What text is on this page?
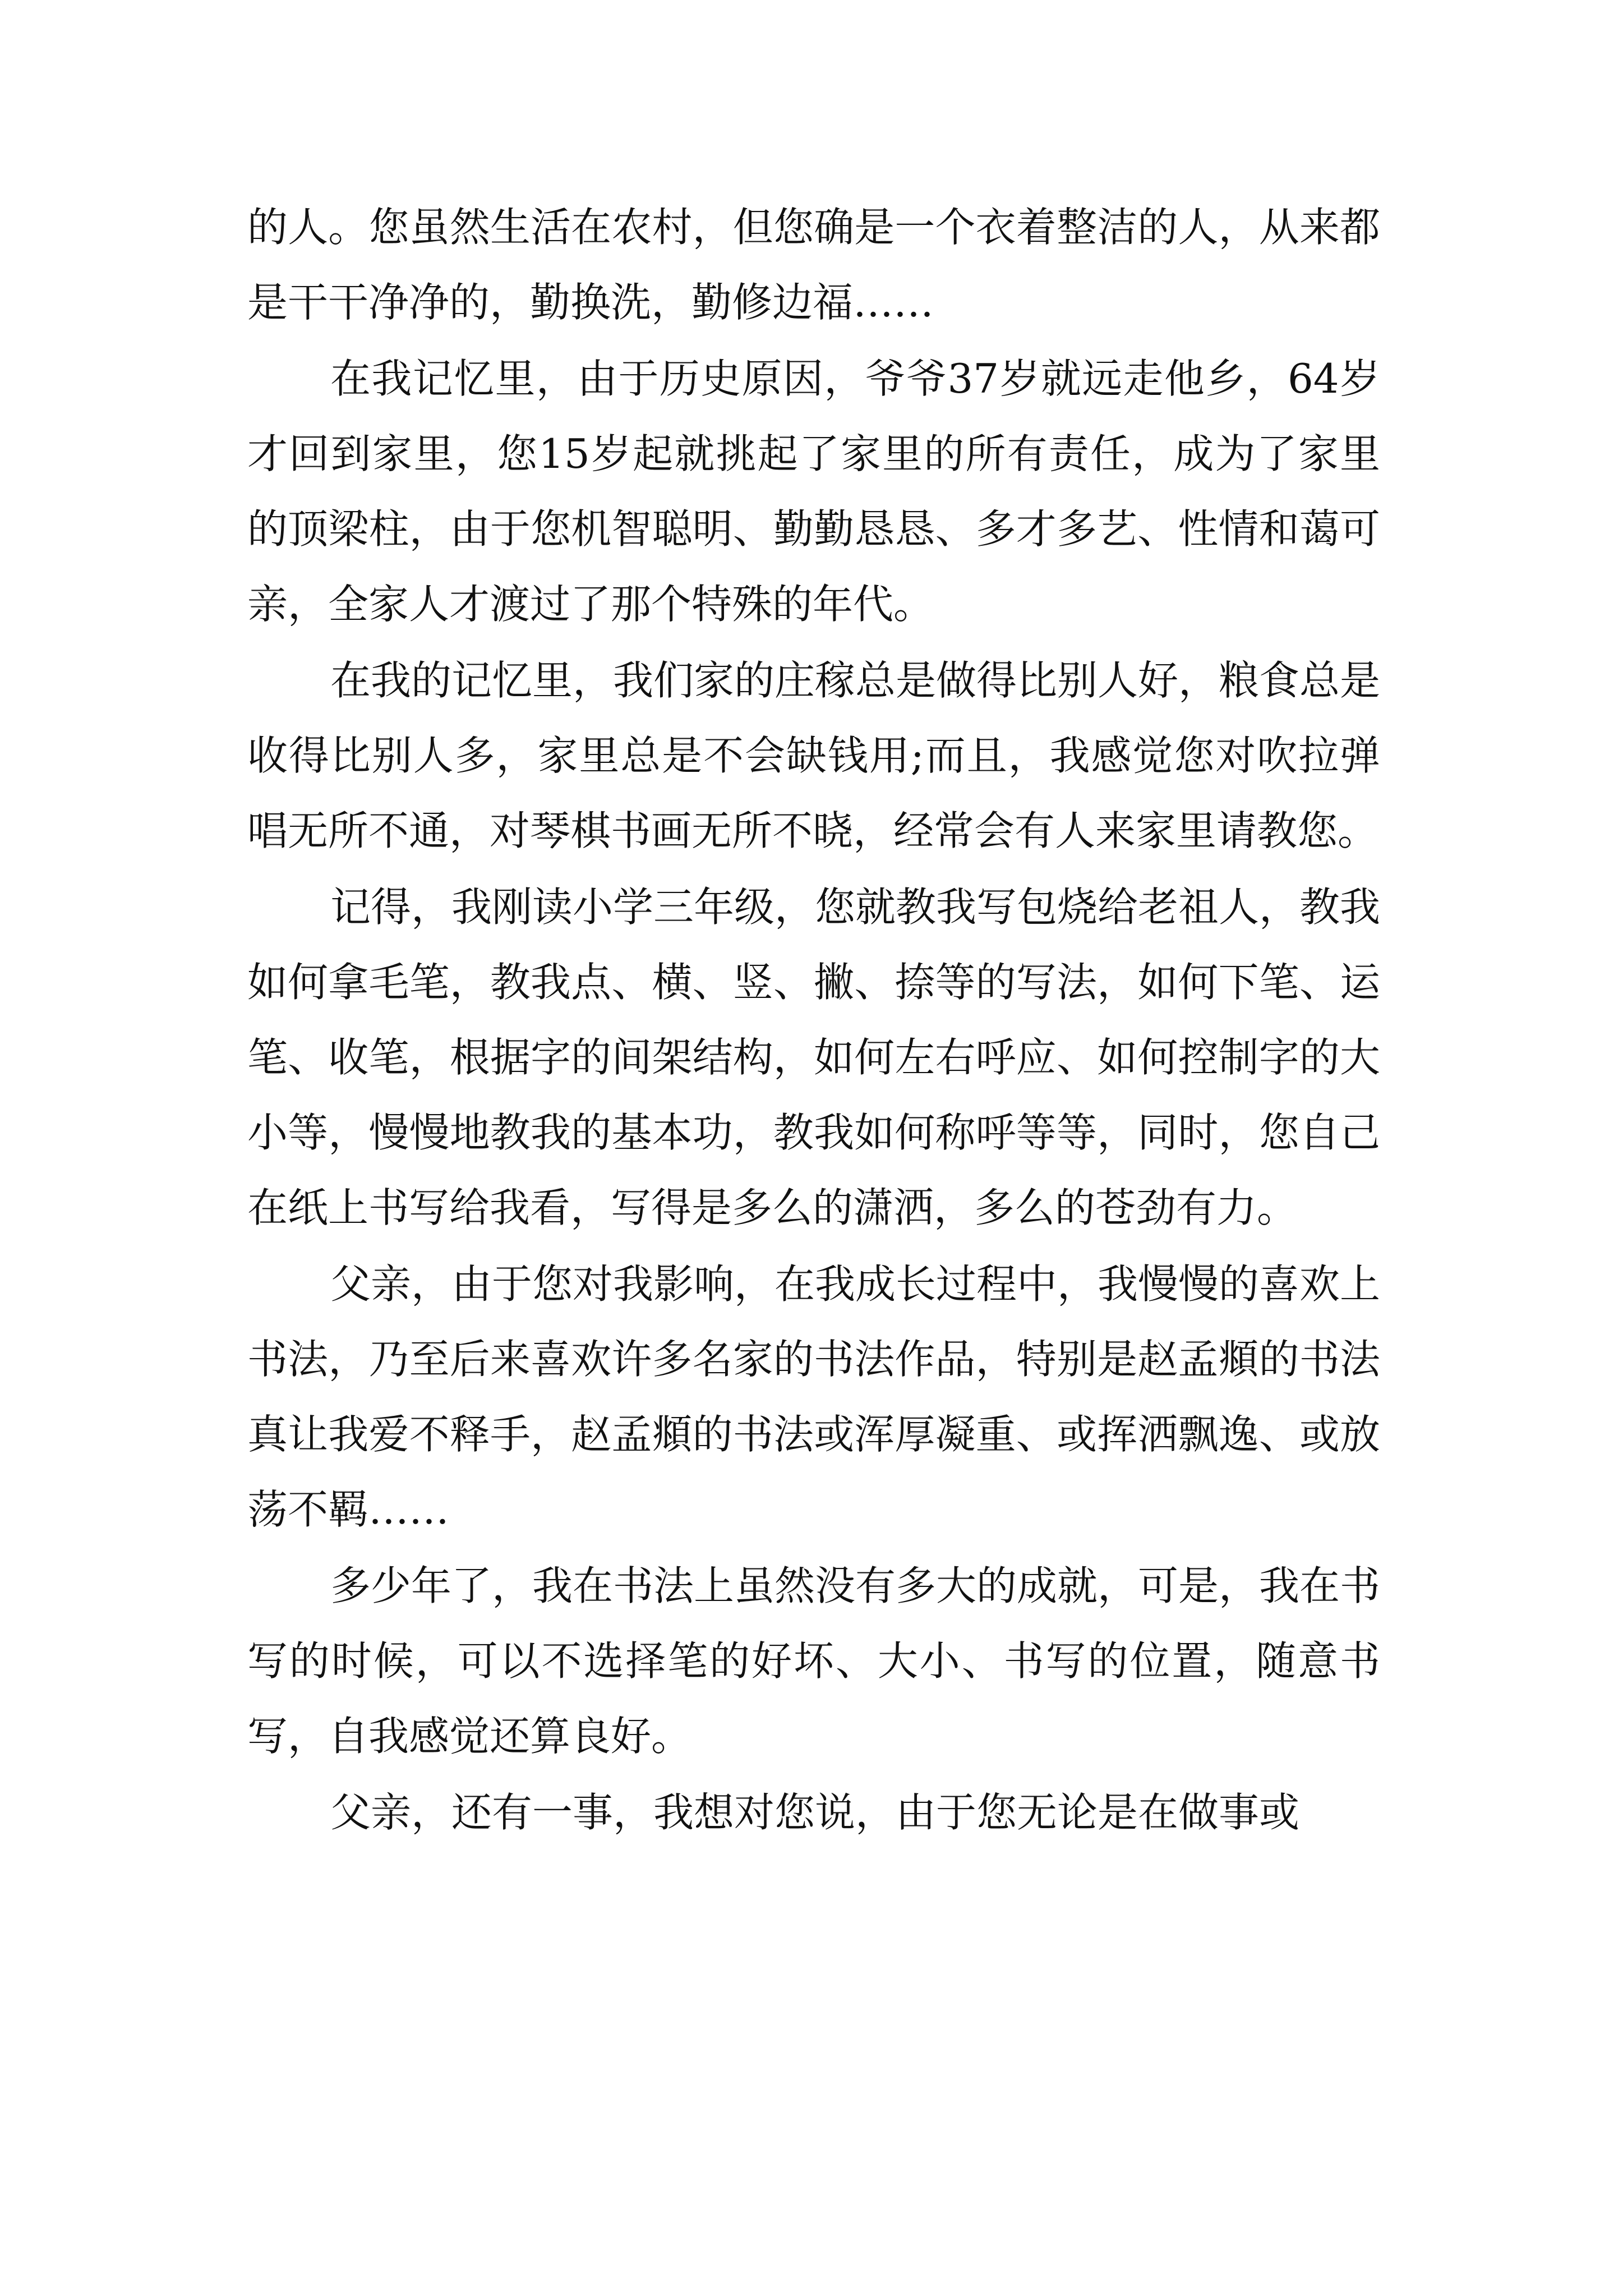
的人。您虽然生活在农村，但您确是一个衣着整洁的人，从来都是干干净净的，勤换洗，勤修边福……

在我记忆里，由于历史原因，爷爷37岁就远走他乡，64岁才回到家里，您15岁起就挑起了家里的所有责任，成为了家里的顶梁柱，由于您机智聪明、勤勤恳恳、多才多艺、性情和蔼可亲，全家人才渡过了那个特殊的年代。

在我的记忆里，我们家的庄稼总是做得比别人好，粮食总是收得比别人多，家里总是不会缺钱用;而且，我感觉您对吹拉弹唱无所不通，对琴棋书画无所不晓，经常会有人来家里请教您。

记得，我刚读小学三年级，您就教我写包烧给老祖人，教我如何拿毛笔，教我点、横、竖、撇、捺等的写法，如何下笔、运笔、收笔，根据字的间架结构，如何左右呼应、如何控制字的大小等，慢慢地教我的基本功，教我如何称呼等等，同时，您自己在纸上书写给我看，写得是多么的潇洒，多么的苍劲有力。

父亲，由于您对我影响，在我成长过程中，我慢慢的喜欢上书法，乃至后来喜欢许多名家的书法作品，特别是赵孟頫的书法真让我爱不释手，赵孟頫的书法或浑厚凝重、或挥洒飘逸、或放荡不羁……

多少年了，我在书法上虽然没有多大的成就，可是，我在书写的时候，可以不选择笔的好坏、大小、书写的位置，随意书写，自我感觉还算良好。

父亲，还有一事，我想对您说，由于您无论是在做事或
